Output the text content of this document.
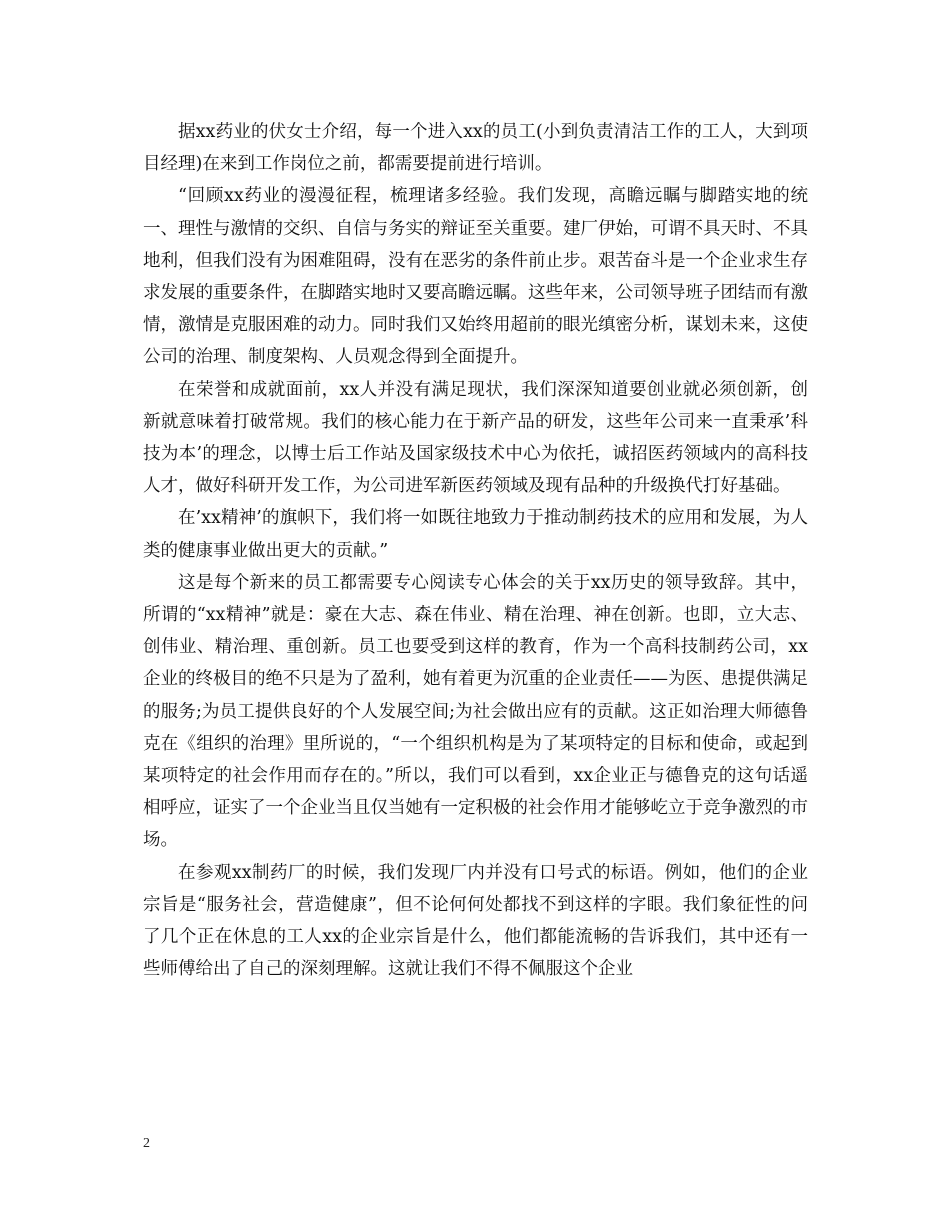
据xx药业的伏女士介绍，每一个进入xx的员工(小到负责清洁工作的工人，大到项目经理)在来到工作岗位之前，都需要提前进行培训。

“回顾xx药业的漫漫征程，梳理诸多经验。我们发现，高瞻远瞩与脚踏实地的统一、理性与激情的交织、自信与务实的辩证至关重要。建厂伊始，可谓不具天时、不具地利，但我们没有为困难阻碍，没有在恶劣的条件前止步。艰苦奋斗是一个企业求生存求发展的重要条件，在脚踏实地时又要高瞻远瞩。这些年来，公司领导班子团结而有激情，激情是克服困难的动力。同时我们又始终用超前的眼光缜密分析，谋划未来，这使公司的治理、制度架构、人员观念得到全面提升。

在荣誉和成就面前，xx人并没有满足现状，我们深深知道要创业就必须创新，创新就意味着打破常规。我们的核心能力在于新产品的研发，这些年公司来一直秉承’科技为本’的理念，以博士后工作站及国家级技术中心为依托，诚招医药领域内的高科技人才，做好科研开发工作，为公司进军新医药领域及现有品种的升级换代打好基础。

在’xx精神’的旗帜下，我们将一如既往地致力于推动制药技术的应用和发展，为人类的健康事业做出更大的贡献。”

这是每个新来的员工都需要专心阅读专心体会的关于xx历史的领导致辞。其中，所谓的“xx精神”就是：豪在大志、森在伟业、精在治理、神在创新。也即，立大志、创伟业、精治理、重创新。员工也要受到这样的教育，作为一个高科技制药公司，xx企业的终极目的绝不只是为了盈利，她有着更为沉重的企业责任——为医、患提供满足的服务;为员工提供良好的个人发展空间;为社会做出应有的贡献。这正如治理大师德鲁克在《组织的治理》里所说的，“一个组织机构是为了某项特定的目标和使命，或起到某项特定的社会作用而存在的。”所以，我们可以看到，xx企业正与德鲁克的这句话遥相呼应，证实了一个企业当且仅当她有一定积极的社会作用才能够屹立于竞争激烈的市场。

在参观xx制药厂的时候，我们发现厂内并没有口号式的标语。例如，他们的企业宗旨是“服务社会，营造健康”，但不论何何处都找不到这样的字眼。我们象征性的问了几个正在休息的工人xx的企业宗旨是什么，他们都能流畅的告诉我们，其中还有一些师傅给出了自己的深刻理解。这就让我们不得不佩服这个企业

2
